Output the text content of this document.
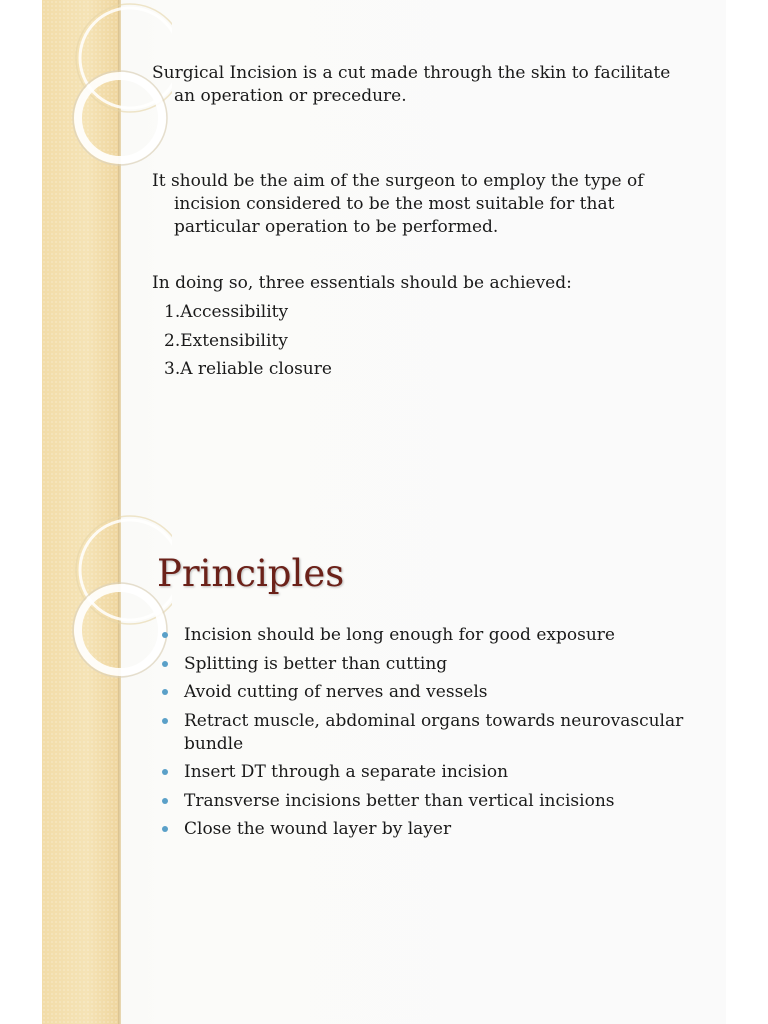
Surgical Incision is a cut made through the skin to facilitate an operation or precedure.

It should be the aim of the surgeon to employ the type of incision considered to be the most suitable for that particular operation to be performed.

In doing so, three essentials should be achieved:

1.Accessibility
2.Extensibility
3.A reliable closure
Principles
Incision should be long enough for good exposure
Splitting is better than cutting
Avoid cutting of nerves and vessels
Retract muscle, abdominal organs towards neurovascular bundle
Insert DT through a separate incision
Transverse incisions better than vertical incisions
Close the wound layer by layer
